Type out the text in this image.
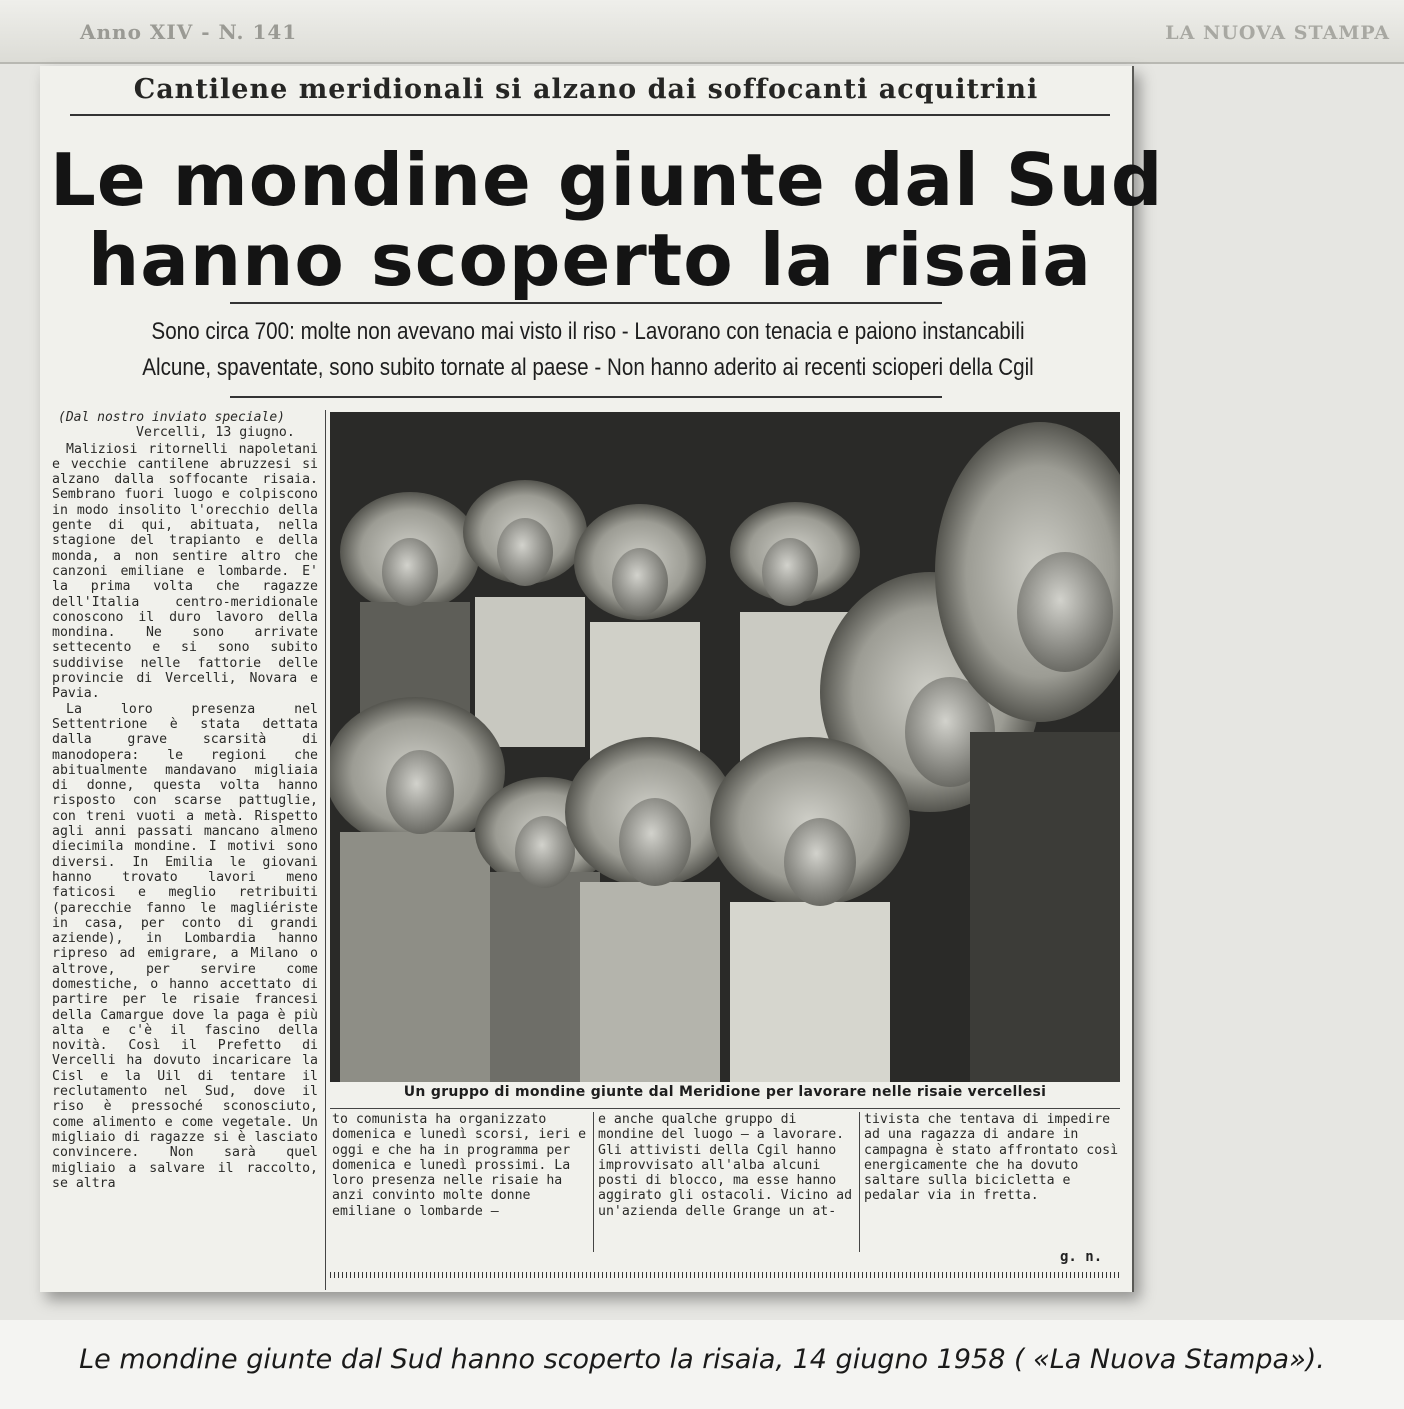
Anno XIV - N. 141	LA NUOVA STAMPA
Cantilene meridionali si alzano dai soffocanti acquitrini
Le mondine giunte dal Sud
hanno scoperto la risaia
Sono circa 700: molte non avevano mai visto il riso - Lavorano con tenacia e paiono instancabili
Alcune, spaventate, sono subito tornate al paese - Non hanno aderito ai recenti scioperi della Cgil
(Dal nostro inviato speciale)
Vercelli, 13 giugno.

Maliziosi ritornelli napoletani e vecchie cantilene abruzzesi si alzano dalla soffocante risaia. Sembrano fuori luogo e colpiscono in modo insolito l'orecchio della gente di qui, abituata, nella stagione del trapianto e della monda, a non sentire altro che canzoni emiliane e lombarde. E' la prima volta che ragazze dell'Italia centro-meridionale conoscono il duro lavoro della mondina. Ne sono arrivate settecento e si sono subito suddivise nelle fattorie delle provincie di Vercelli, Novara e Pavia.

La loro presenza nel Settentrione è stata dettata dalla grave scarsità di manodopera: le regioni che abitualmente mandavano migliaia di donne, questa volta hanno risposto con scarse pattuglie, con treni vuoti a metà. Rispetto agli anni passati mancano almeno diecimila mondine. I motivi sono diversi. In Emilia le giovani hanno trovato lavori meno faticosi e meglio retribuiti (parecchie fanno le magliériste in casa, per conto di grandi aziende), in Lombardia hanno ripreso ad emigrare, a Milano o altrove, per servire come domestiche, o hanno accettato di partire per le risaie francesi della Camargue dove la paga è più alta e c'è il fascino della novità. Così il Prefetto di Vercelli ha dovuto incaricare la Cisl e la Uil di tentare il reclutamento nel Sud, dove il riso è pressoché sconosciuto, come alimento e come vegetale. Un migliaio di ragazze si è lasciato convincere. Non sarà quel migliaio a salvare il raccolto, se altra

Un gruppo di mondine giunte dal Meridione per lavorare nelle risaie vercellesi
to comunista ha organizzato domenica e lunedì scorsi, ieri e oggi e che ha in programma per domenica e lunedì prossimi. La loro presenza nelle risaie ha anzi convinto molte donne emiliane o lombarde —
e anche qualche gruppo di mondine del luogo — a lavorare. Gli attivisti della Cgil hanno improvvisato all'alba alcuni posti di blocco, ma esse hanno aggirato gli ostacoli. Vicino ad un'azienda delle Grange un at-
tivista che tentava di impedire ad una ragazza di andare in campagna è stato affrontato così energicamente che ha dovuto saltare sulla bicicletta e pedalar via in fretta.
g. n.
Le mondine giunte dal Sud hanno scoperto la risaia, 14 giugno 1958 ( «La Nuova Stampa»).
